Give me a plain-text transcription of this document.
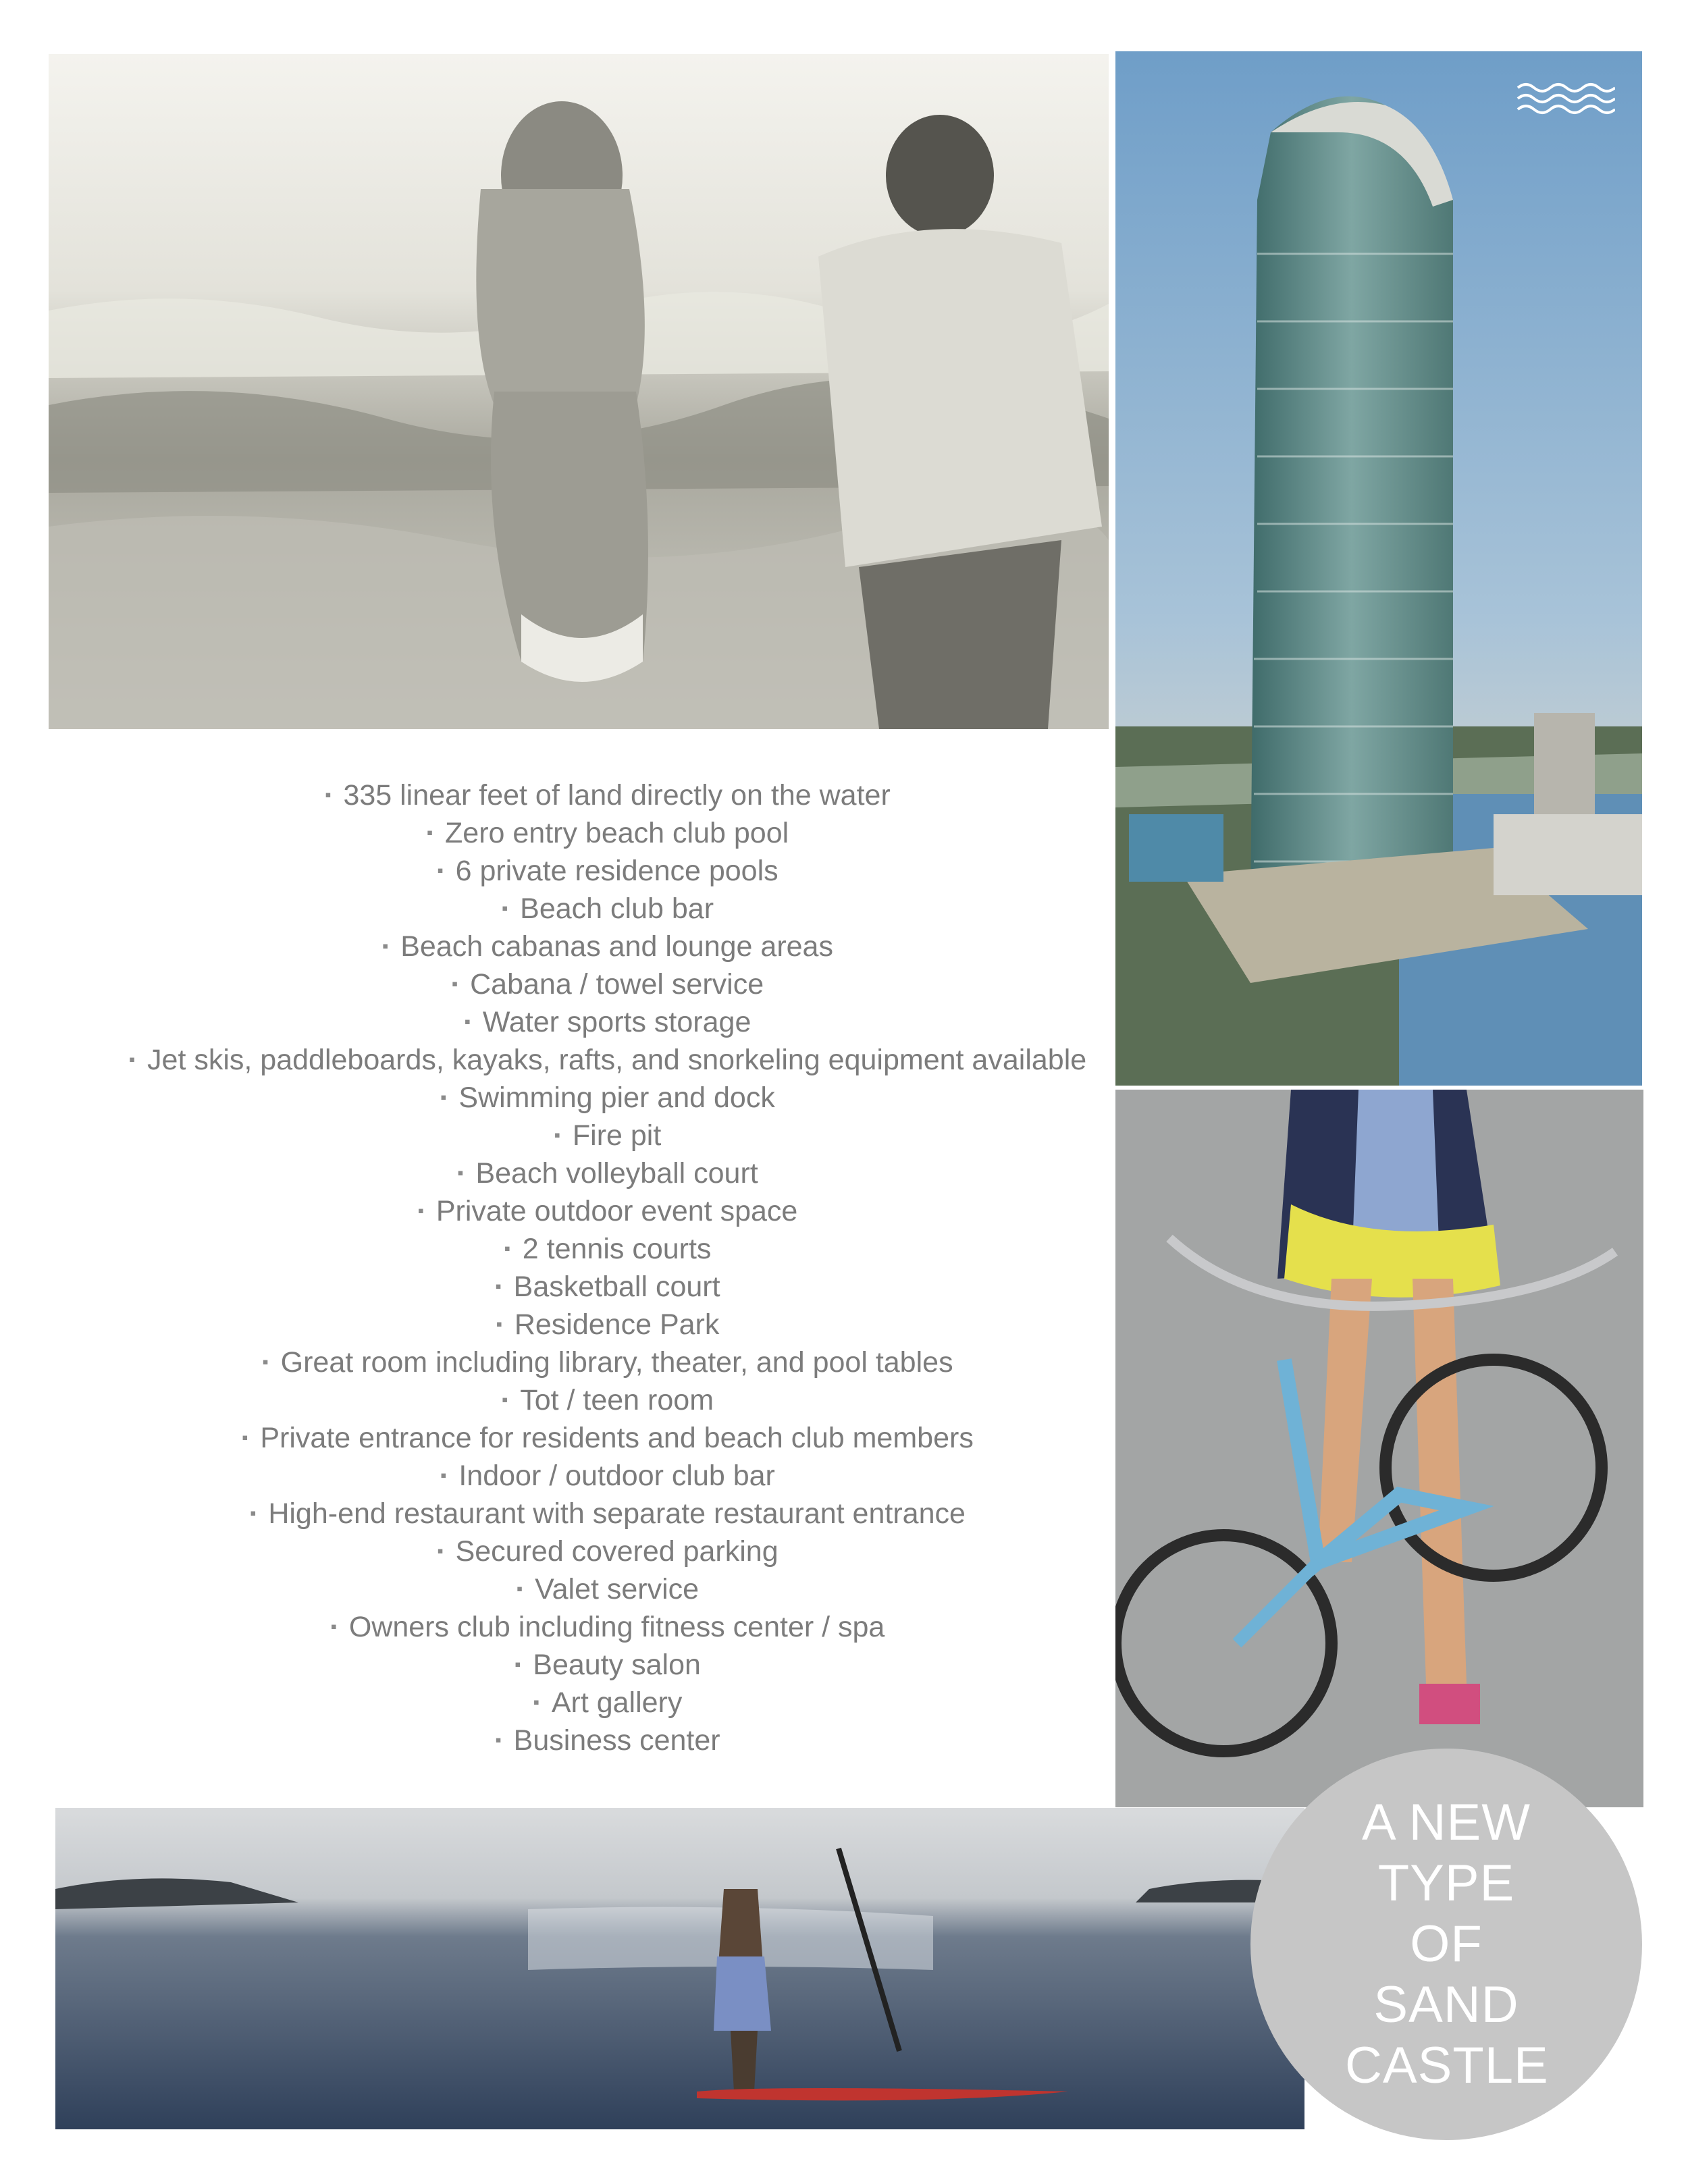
▪ 335 linear feet of land directly on the water
▪ Zero entry beach club pool
▪ 6 private residence pools
▪ Beach club bar
▪ Beach cabanas and lounge areas
▪ Cabana / towel service
▪ Water sports storage
▪ Jet skis, paddleboards, kayaks, rafts, and snorkeling equipment available
▪ Swimming pier and dock
▪ Fire pit
▪ Beach volleyball court
▪ Private outdoor event space
▪ 2 tennis courts
▪ Basketball court
▪ Residence Park
▪ Great room including library, theater, and pool tables
▪ Tot / teen room
▪ Private entrance for residents and beach club members
▪ Indoor / outdoor club bar
▪ High-end restaurant with separate restaurant entrance
▪ Secured covered parking
▪ Valet service
▪ Owners club including fitness center / spa
▪ Beauty salon
▪ Art gallery
▪ Business center
A NEW TYPE OF SAND CASTLE
